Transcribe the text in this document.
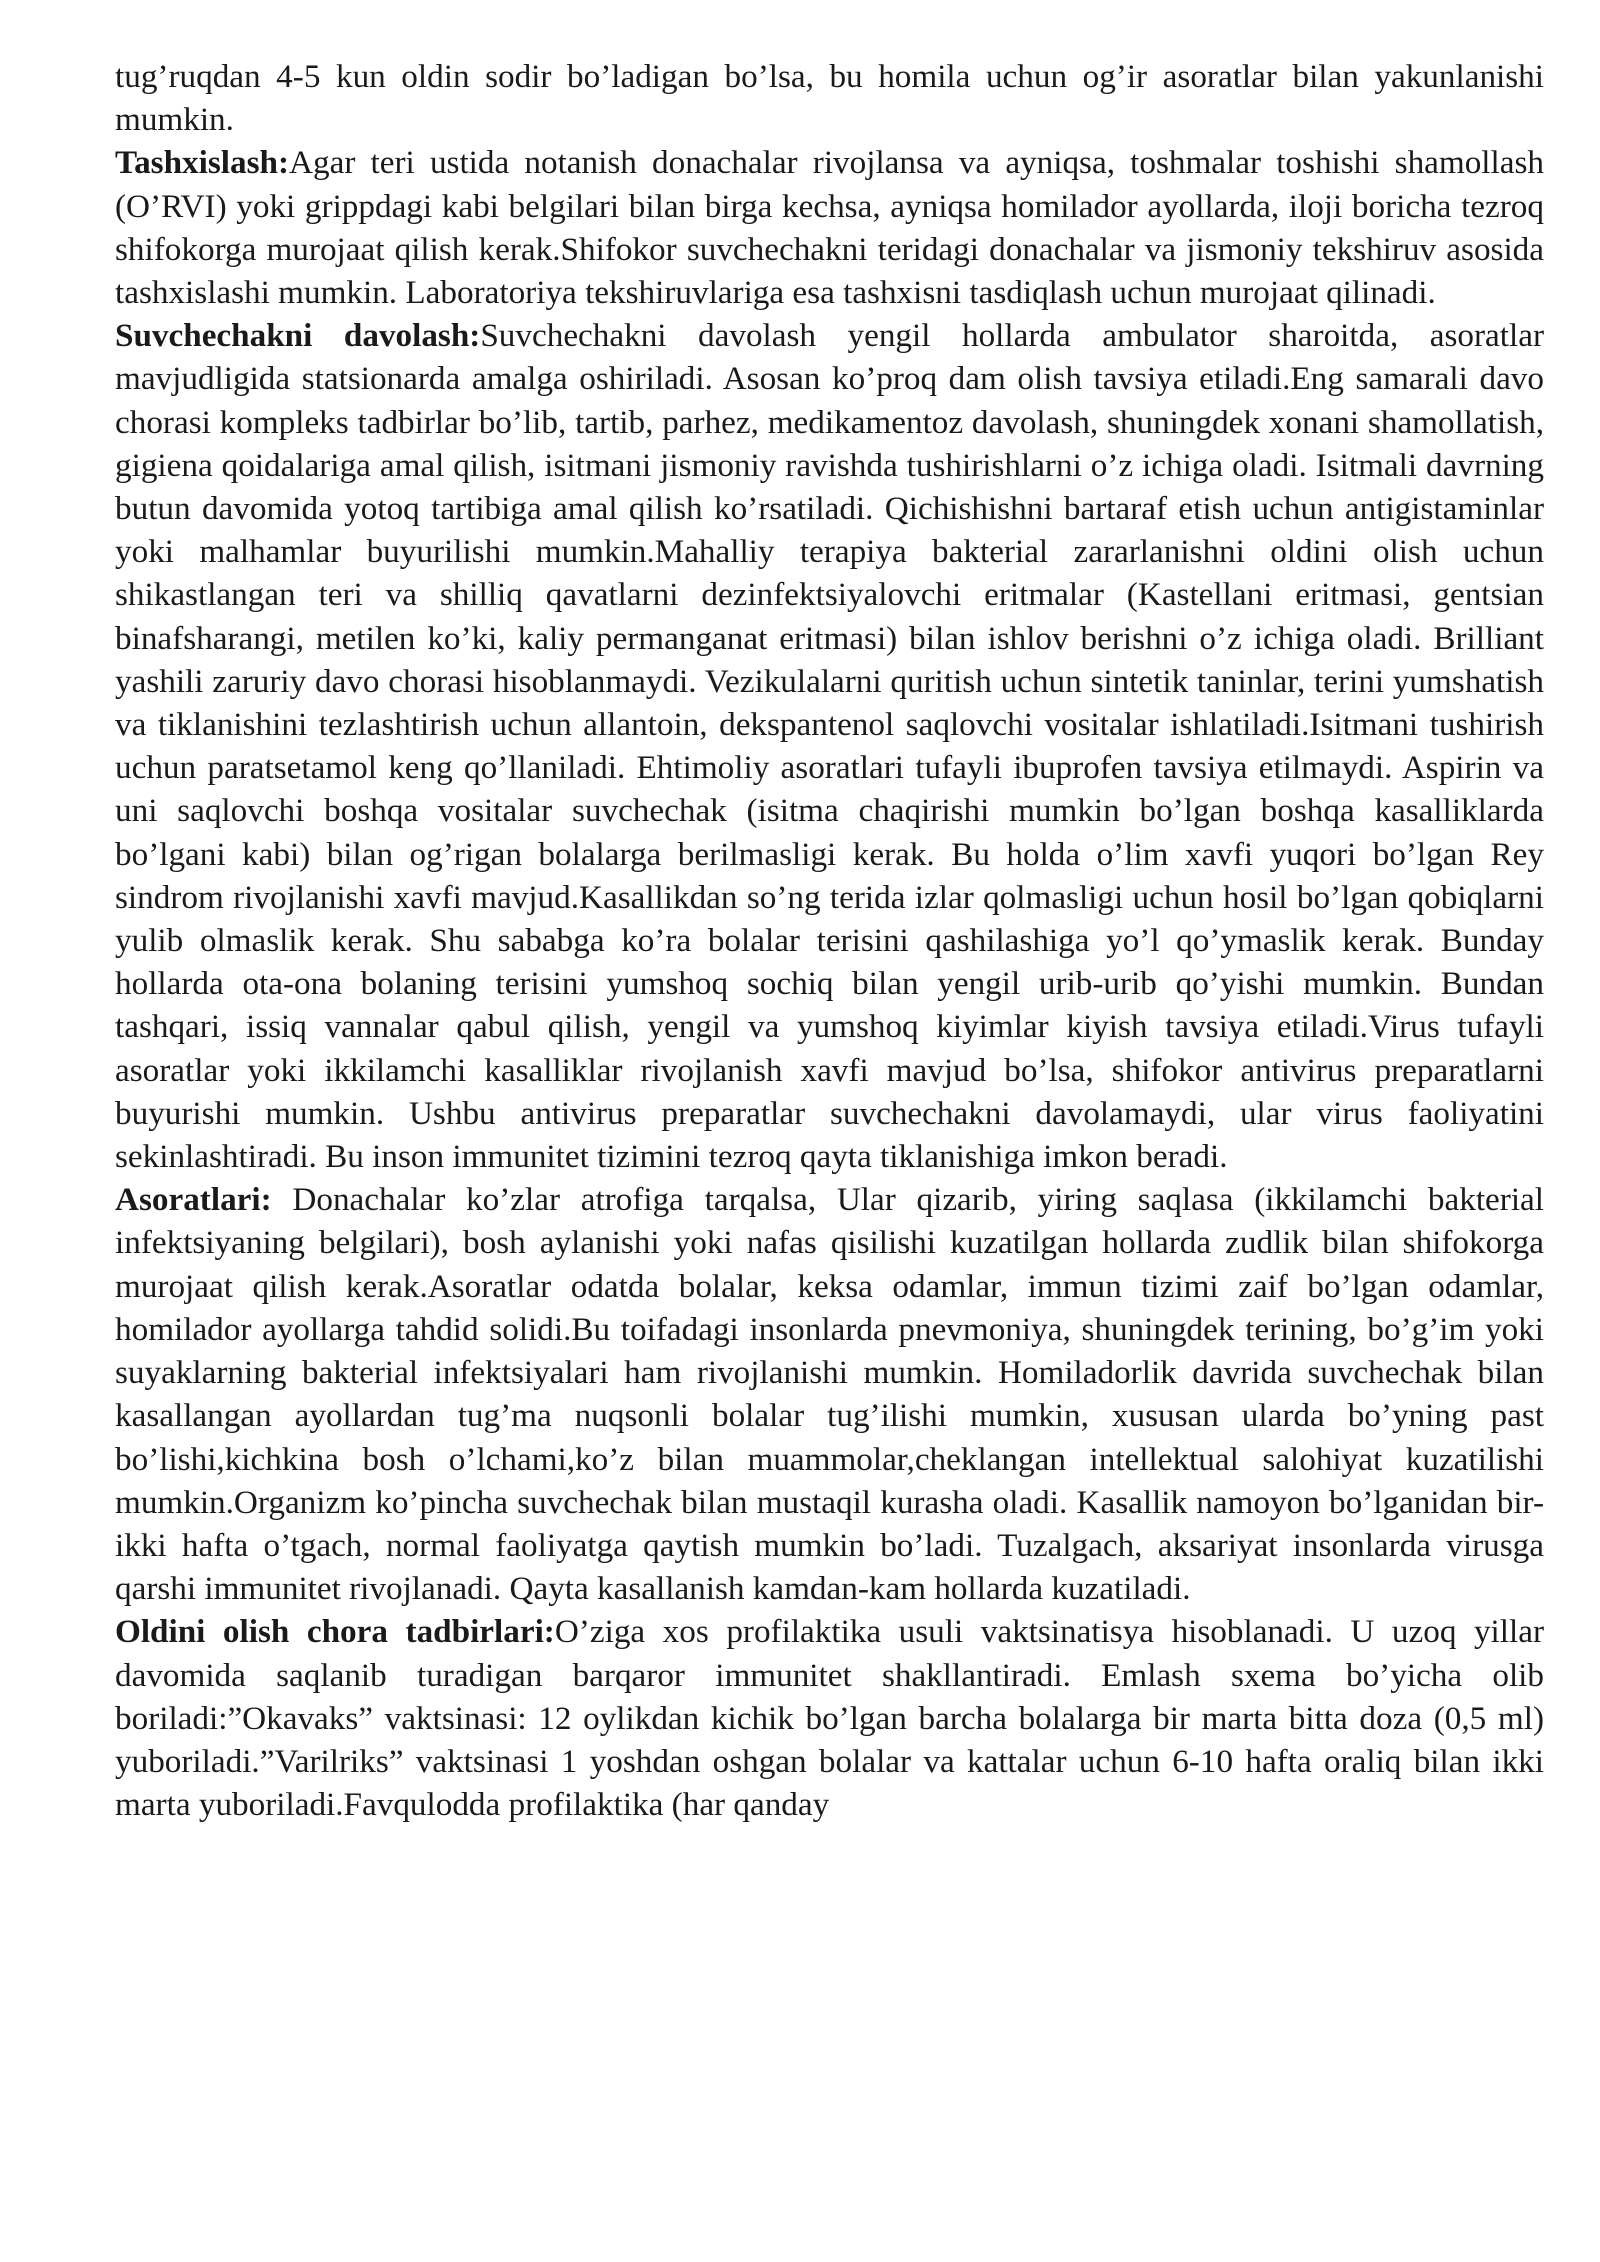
tug’ruqdan 4-5 kun oldin sodir bo’ladigan bo’lsa, bu homila uchun og’ir asoratlar bilan yakunlanishi mumkin.

Tashxislash:Agar teri ustida notanish donachalar rivojlansa va ayniqsa, toshmalar toshishi shamollash (O’RVI) yoki grippdagi kabi belgilari bilan birga kechsa, ayniqsa homilador ayollarda, iloji boricha tezroq shifokorga murojaat qilish kerak.Shifokor suvchechakni teridagi donachalar va jismoniy tekshiruv asosida tashxislashi mumkin. Laboratoriya tekshiruvlariga esa tashxisni tasdiqlash uchun murojaat qilinadi.

Suvchechakni davolash:Suvchechakni davolash yengil hollarda ambulator sharoitda, asoratlar mavjudligida statsionarda amalga oshiriladi. Asosan ko’proq dam olish tavsiya etiladi.Eng samarali davo chorasi kompleks tadbirlar bo’lib, tartib, parhez, medikamentoz davolash, shuningdek xonani shamollatish, gigiena qoidalariga amal qilish, isitmani jismoniy ravishda tushirishlarni o’z ichiga oladi. Isitmali davrning butun davomida yotoq tartibiga amal qilish ko’rsatiladi. Qichishishni bartaraf etish uchun antigistaminlar yoki malhamlar buyurilishi mumkin.Mahalliy terapiya bakterial zararlanishni oldini olish uchun shikastlangan teri va shilliq qavatlarni dezinfektsiyalovchi eritmalar (Kastellani eritmasi, gentsian binafsharangi, metilen ko’ki, kaliy permanganat eritmasi) bilan ishlov berishni o’z ichiga oladi. Brilliant yashili zaruriy davo chorasi hisoblanmaydi. Vezikulalarni quritish uchun sintetik taninlar, terini yumshatish va tiklanishini tezlashtirish uchun allantoin, dekspantenol saqlovchi vositalar ishlatiladi.Isitmani tushirish uchun paratsetamol keng qo’llaniladi. Ehtimoliy asoratlari tufayli ibuprofen tavsiya etilmaydi. Aspirin va uni saqlovchi boshqa vositalar suvchechak (isitma chaqirishi mumkin bo’lgan boshqa kasalliklarda bo’lgani kabi) bilan og’rigan bolalarga berilmasligi kerak. Bu holda o’lim xavfi yuqori bo’lgan Rey sindrom rivojlanishi xavfi mavjud.Kasallikdan so’ng terida izlar qolmasligi uchun hosil bo’lgan qobiqlarni yulib olmaslik kerak. Shu sababga ko’ra bolalar terisini qashilashiga yo’l qo’ymaslik kerak. Bunday hollarda ota-ona bolaning terisini yumshoq sochiq bilan yengil urib-urib qo’yishi mumkin. Bundan tashqari, issiq vannalar qabul qilish, yengil va yumshoq kiyimlar kiyish tavsiya etiladi.Virus tufayli asoratlar yoki ikkilamchi kasalliklar rivojlanish xavfi mavjud bo’lsa, shifokor antivirus preparatlarni buyurishi mumkin. Ushbu antivirus preparatlar suvchechakni davolamaydi, ular virus faoliyatini sekinlashtiradi. Bu inson immunitet tizimini tezroq qayta tiklanishiga imkon beradi.

Asoratlari: Donachalar ko’zlar atrofiga tarqalsa, Ular qizarib, yiring saqlasa (ikkilamchi bakterial infektsiyaning belgilari), bosh aylanishi yoki nafas qisilishi kuzatilgan hollarda zudlik bilan shifokorga murojaat qilish kerak.Asoratlar odatda bolalar, keksa odamlar, immun tizimi zaif bo’lgan odamlar, homilador ayollarga tahdid solidi.Bu toifadagi insonlarda pnevmoniya, shuningdek terining, bo’g’im yoki suyaklarning bakterial infektsiyalari ham rivojlanishi mumkin. Homiladorlik davrida suvchechak bilan kasallangan ayollardan tug’ma nuqsonli bolalar tug’ilishi mumkin, xususan ularda bo’yning past bo’lishi,kichkina bosh o’lchami,ko’z bilan muammolar,cheklangan intellektual salohiyat kuzatilishi mumkin.Organizm ko’pincha suvchechak bilan mustaqil kurasha oladi. Kasallik namoyon bo’lganidan bir-ikki hafta o’tgach, normal faoliyatga qaytish mumkin bo’ladi. Tuzalgach, aksariyat insonlarda virusga qarshi immunitet rivojlanadi. Qayta kasallanish kamdan-kam hollarda kuzatiladi.

Oldini olish chora tadbirlari:O’ziga xos profilaktika usuli vaktsinatisya hisoblanadi. U uzoq yillar davomida saqlanib turadigan barqaror immunitet shakllantiradi. Emlash sxema bo’yicha olib boriladi:”Okavaks” vaktsinasi: 12 oylikdan kichik bo’lgan barcha bolalarga bir marta bitta doza (0,5 ml) yuboriladi.”Varilriks” vaktsinasi 1 yoshdan oshgan bolalar va kattalar uchun 6-10 hafta oraliq bilan ikki marta yuboriladi.Favqulodda profilaktika (har qanday
